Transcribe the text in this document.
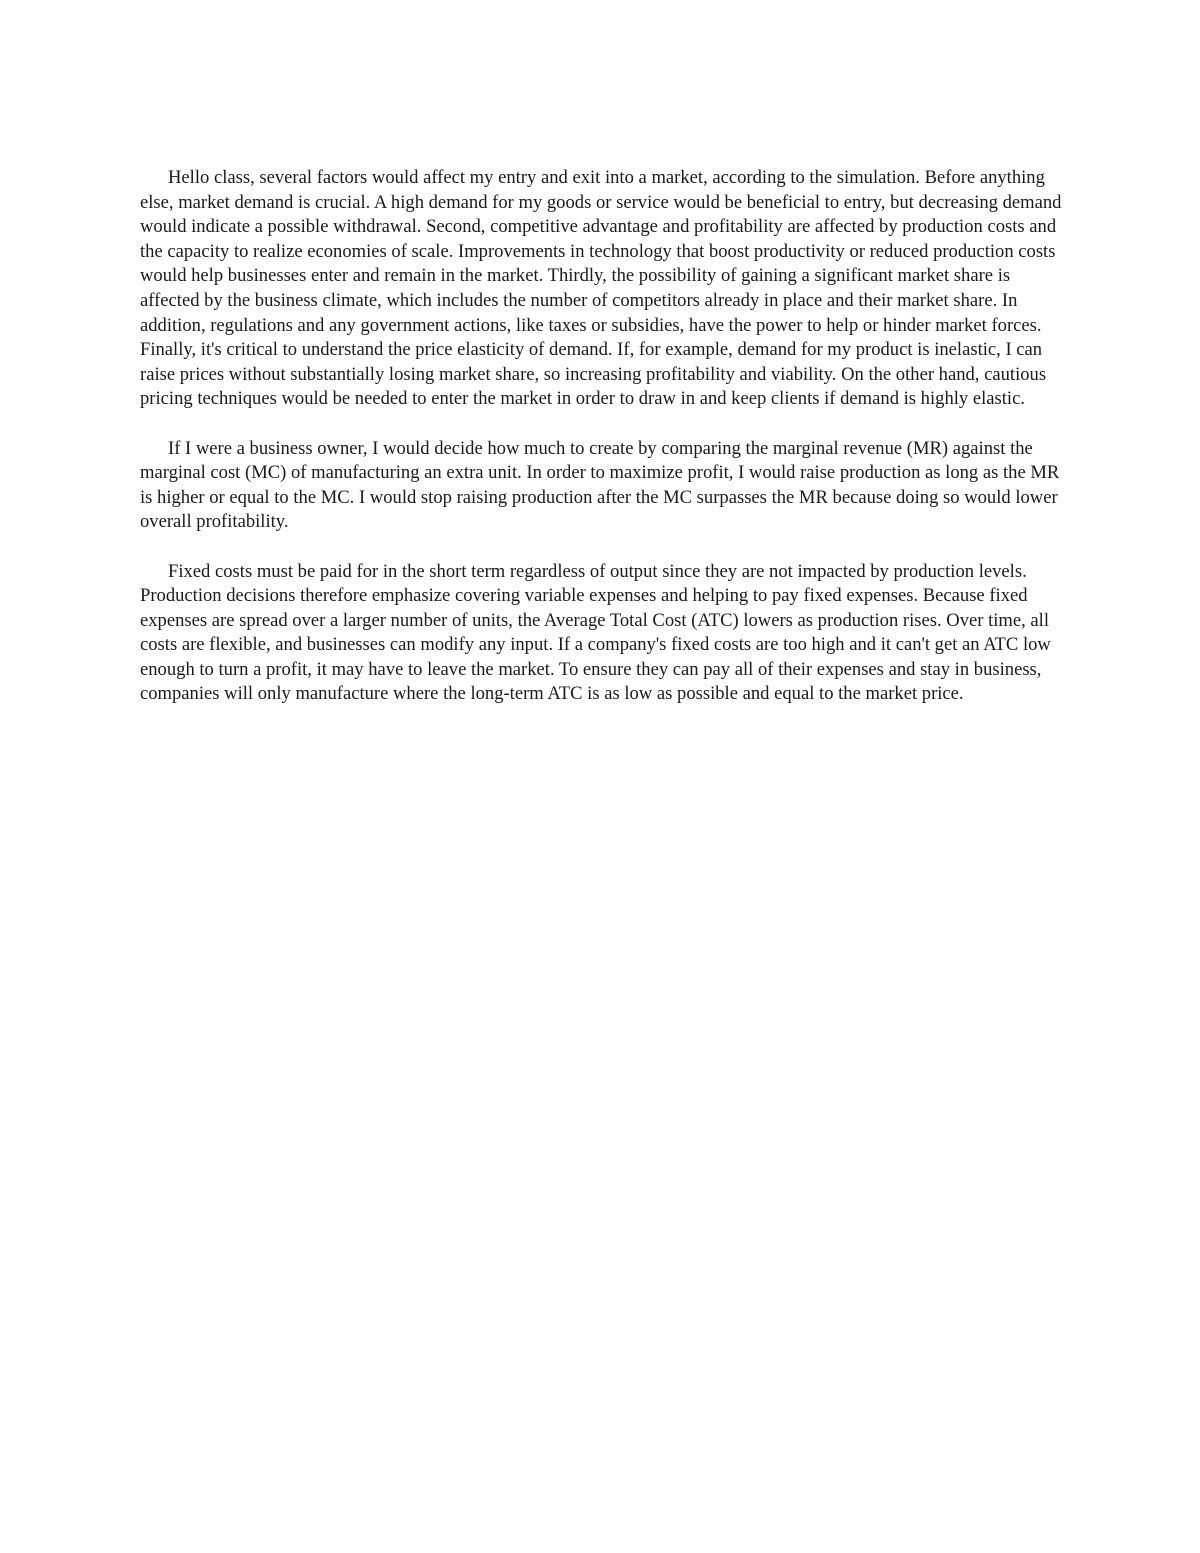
Hello class, several factors would affect my entry and exit into a market, according to the simulation. Before anything else, market demand is crucial. A high demand for my goods or service would be beneficial to entry, but decreasing demand would indicate a possible withdrawal. Second, competitive advantage and profitability are affected by production costs and the capacity to realize economies of scale. Improvements in technology that boost productivity or reduced production costs would help businesses enter and remain in the market. Thirdly, the possibility of gaining a significant market share is affected by the business climate, which includes the number of competitors already in place and their market share. In addition, regulations and any government actions, like taxes or subsidies, have the power to help or hinder market forces. Finally, it's critical to understand the price elasticity of demand. If, for example, demand for my product is inelastic, I can raise prices without substantially losing market share, so increasing profitability and viability. On the other hand, cautious pricing techniques would be needed to enter the market in order to draw in and keep clients if demand is highly elastic.

If I were a business owner, I would decide how much to create by comparing the marginal revenue (MR) against the marginal cost (MC) of manufacturing an extra unit. In order to maximize profit, I would raise production as long as the MR is higher or equal to the MC. I would stop raising production after the MC surpasses the MR because doing so would lower overall profitability.

Fixed costs must be paid for in the short term regardless of output since they are not impacted by production levels. Production decisions therefore emphasize covering variable expenses and helping to pay fixed expenses. Because fixed expenses are spread over a larger number of units, the Average Total Cost (ATC) lowers as production rises. Over time, all costs are flexible, and businesses can modify any input. If a company's fixed costs are too high and it can't get an ATC low enough to turn a profit, it may have to leave the market. To ensure they can pay all of their expenses and stay in business, companies will only manufacture where the long-term ATC is as low as possible and equal to the market price.
